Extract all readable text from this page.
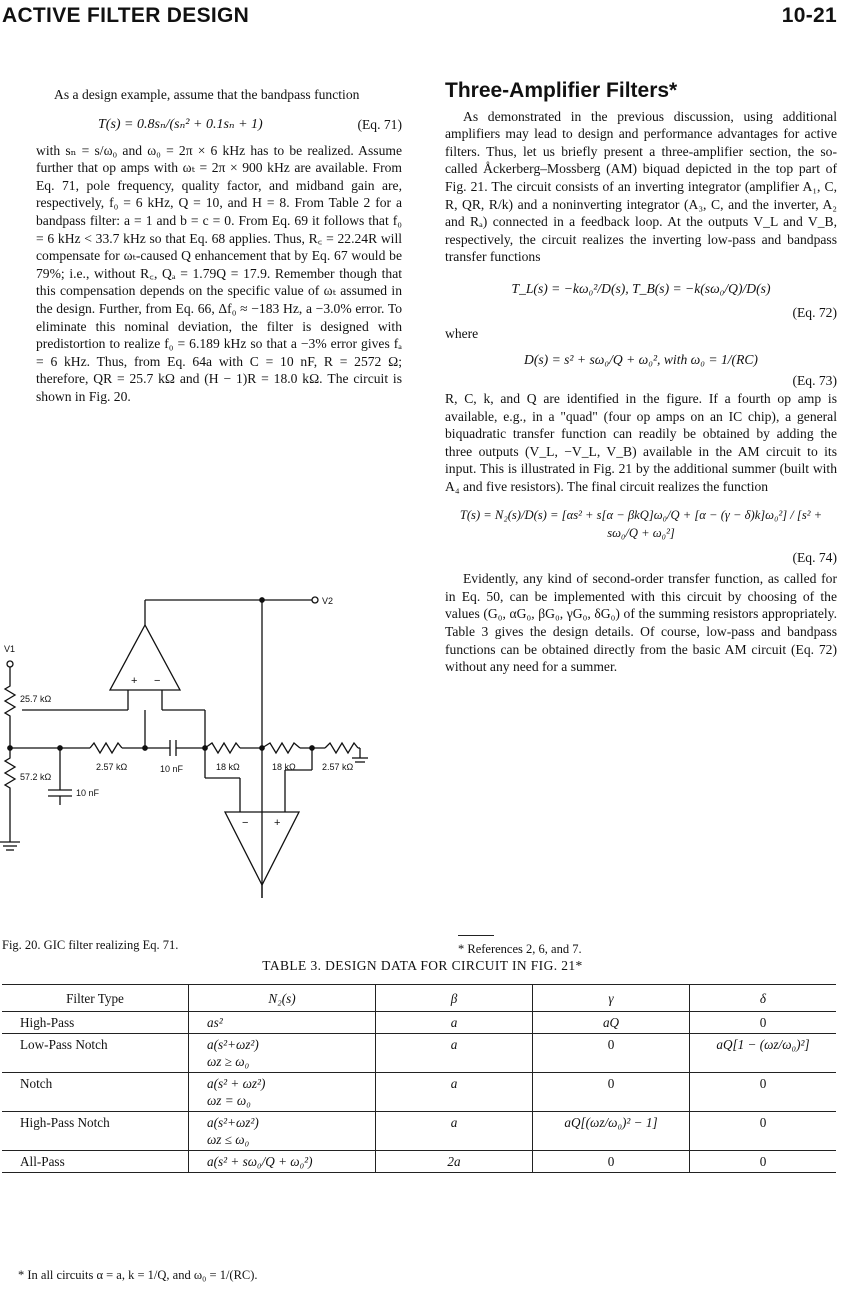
ACTIVE FILTER DESIGN	10-21

As a design example, assume that the bandpass function

T(s) = 0.8sₙ/(sₙ² + 0.1sₙ + 1)	(Eq. 71)

with sₙ = s/ω₀ and ω₀ = 2π × 6 kHz has to be realized. Assume further that op amps with ωₜ = 2π × 900 kHz are available. From Eq. 71, pole frequency, quality factor, and midband gain are, respectively, f₀ = 6 kHz, Q = 10, and H = 8. From Table 2 for a bandpass filter: a = 1 and b = c = 0. From Eq. 69 it follows that f₀ = 6 kHz < 33.7 kHz so that Eq. 68 applies. Thus, R꜀ = 22.24R will compensate for ωₜ-caused Q enhancement that by Eq. 67 would be 79%; i.e., without R꜀, Qₐ = 1.79Q = 17.9. Remember though that this compensation depends on the specific value of ωₜ assumed in the design. Further, from Eq. 66, Δf₀ ≈ −183 Hz, a −3.0% error. To eliminate this nominal deviation, the filter is designed with predistortion to realize f₀ = 6.189 kHz so that a −3% error gives fₐ = 6 kHz. Thus, from Eq. 64a with C = 10 nF, R = 2572 Ω; therefore, QR = 25.7 kΩ and (H − 1)R = 18.0 kΩ. The circuit is shown in Fig. 20.

+ −
− +
V1
V2
25.7 kΩ
57.2 kΩ
10 nF
2.57 kΩ	10 nF	18 kΩ	18 kΩ	2.57 kΩ
Fig. 20. GIC filter realizing Eq. 71.
Three-Amplifier Filters*

As demonstrated in the previous discussion, using additional amplifiers may lead to design and performance advantages for active filters. Thus, let us briefly present a three-amplifier section, the so-called Åckerberg–Mossberg (AM) biquad depicted in the top part of Fig. 21. The circuit consists of an inverting integrator (amplifier A₁, C, R, QR, R/k) and a noninverting integrator (A₃, C, and the inverter, A₂ and Rₐ) connected in a feedback loop. At the outputs V_L and V_B, respectively, the circuit realizes the inverting low-pass and bandpass transfer functions

T_L(s) = −kω₀²/D(s), T_B(s) = −k(sω₀/Q)/D(s)
(Eq. 72)

where

D(s) = s² + sω₀/Q + ω₀², with ω₀ = 1/(RC)
(Eq. 73)

R, C, k, and Q are identified in the figure. If a fourth op amp is available, e.g., in a "quad" (four op amps on an IC chip), a general biquadratic transfer function can readily be obtained by adding the three outputs (V_L, −V_L, V_B) available in the AM circuit to its input. This is illustrated in Fig. 21 by the additional summer (built with A₄ and five resistors). The final circuit realizes the function

T(s) = N₂(s)/D(s) = [αs² + s[α − βkQ]ω₀/Q + [α − (γ − δ)k]ω₀²] / [s² + sω₀/Q + ω₀²]
(Eq. 74)

Evidently, any kind of second-order transfer function, as called for in Eq. 50, can be implemented with this circuit by choosing of the values (G₀, αG₀, βG₀, γG₀, δG₀) of the summing resistors appropriately. Table 3 gives the design details. Of course, low-pass and bandpass functions can be obtained directly from the basic AM circuit (Eq. 72) without any need for a summer.

* References 2, 6, and 7.
TABLE 3. DESIGN DATA FOR CIRCUIT IN FIG. 21*
Filter Type	N₂(s)	β	γ	δ
High-Pass	as²	a	aQ	0
Low-Pass Notch	a(s²+ωz²)
ωz ≥ ω₀	a	0	aQ[1 − (ωz/ω₀)²]
Notch	a(s² + ωz²)
ωz = ω₀	a	0	0
High-Pass Notch	a(s²+ωz²)
ωz ≤ ω₀	a	aQ[(ωz/ω₀)² − 1]	0
All-Pass	a(s² + sω₀/Q + ω₀²)	2a	0	0
* In all circuits α = a, k = 1/Q, and ω₀ = 1/(RC).
